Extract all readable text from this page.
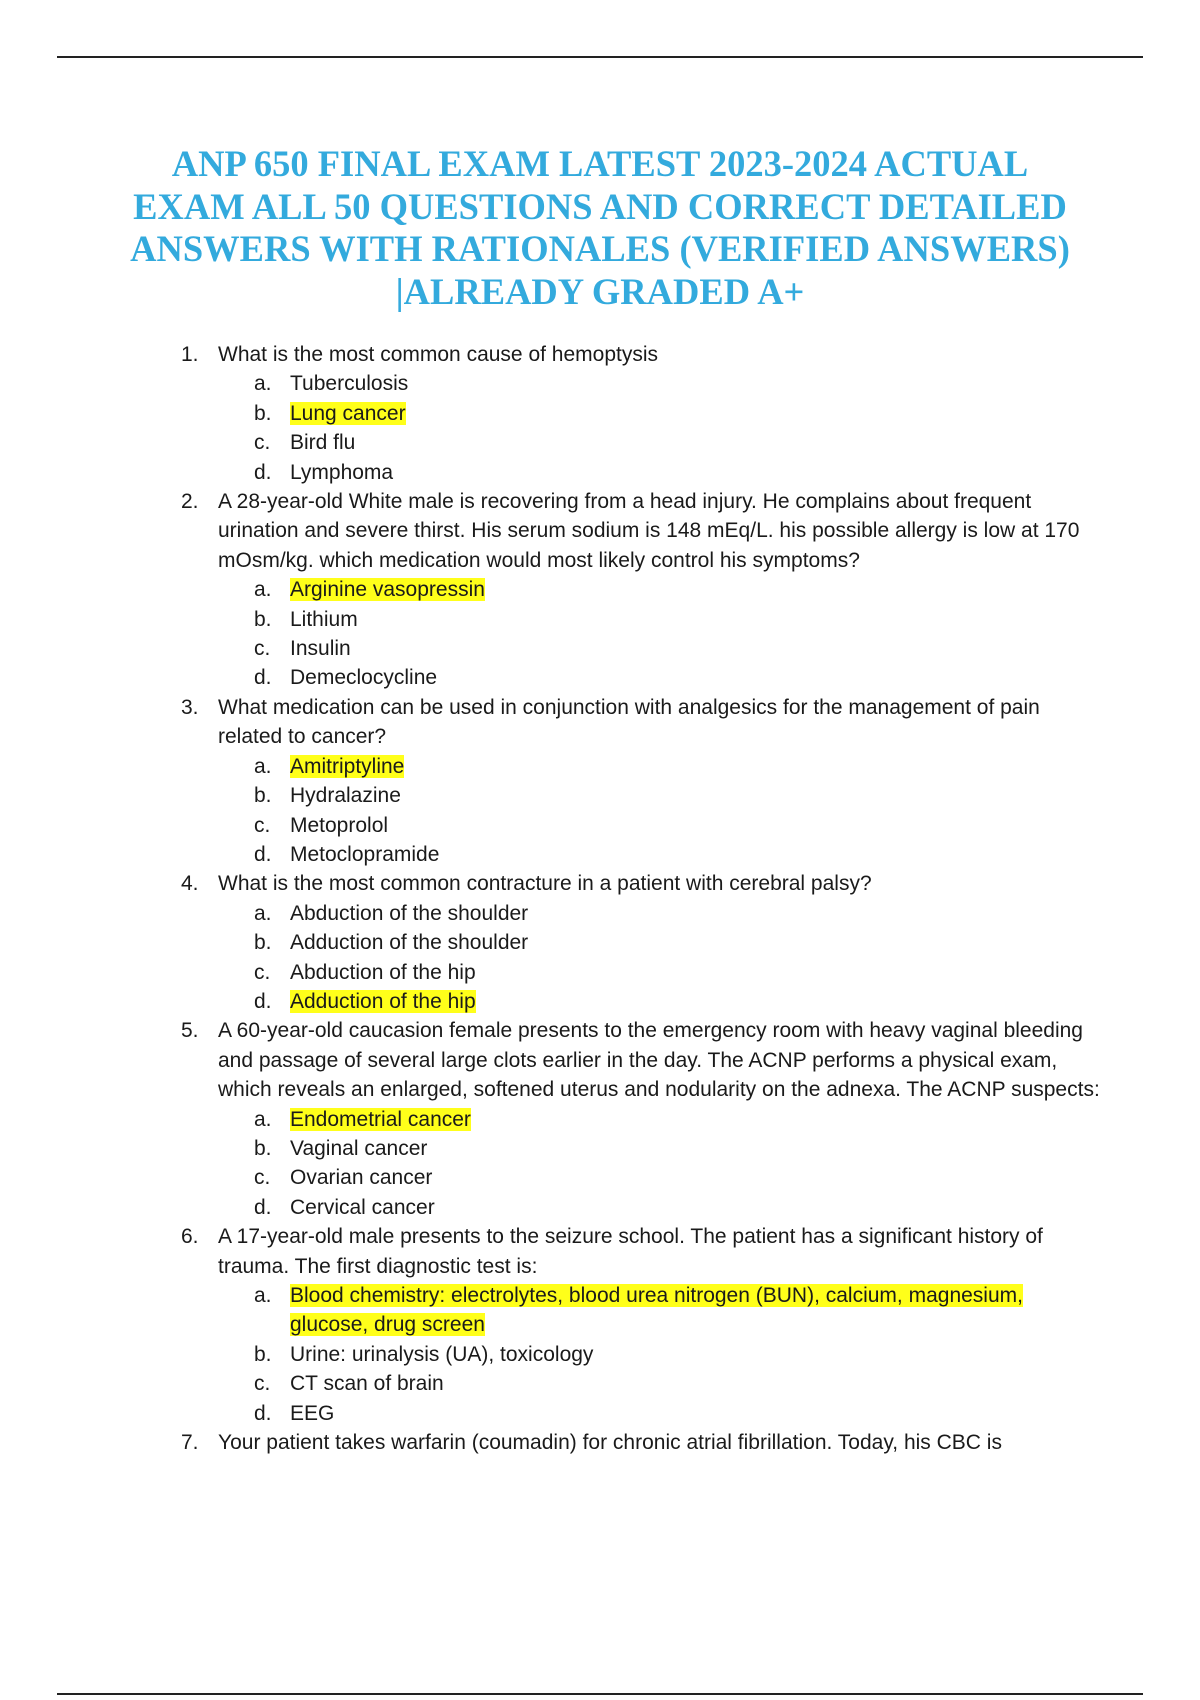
ANP 650 FINAL EXAM LATEST 2023-2024 ACTUAL
EXAM ALL 50 QUESTIONS AND CORRECT DETAILED
ANSWERS WITH RATIONALES (VERIFIED ANSWERS)
|ALREADY GRADED A+
1. What is the most common cause of hemoptysis
a. Tuberculosis
b. Lung cancer
c. Bird flu
d. Lymphoma
2. A 28-year-old White male is recovering from a head injury. He complains about frequent urination and severe thirst. His serum sodium is 148 mEq/L. his possible allergy is low at 170 mOsm/kg. which medication would most likely control his symptoms?
a. Arginine vasopressin
b. Lithium
c. Insulin
d. Demeclocycline
3. What medication can be used in conjunction with analgesics for the management of pain related to cancer?
a. Amitriptyline
b. Hydralazine
c. Metoprolol
d. Metoclopramide
4. What is the most common contracture in a patient with cerebral palsy?
a. Abduction of the shoulder
b. Adduction of the shoulder
c. Abduction of the hip
d. Adduction of the hip
5. A 60-year-old caucasion female presents to the emergency room with heavy vaginal bleeding and passage of several large clots earlier in the day. The ACNP performs a physical exam, which reveals an enlarged, softened uterus and nodularity on the adnexa. The ACNP suspects:
a. Endometrial cancer
b. Vaginal cancer
c. Ovarian cancer
d. Cervical cancer
6. A 17-year-old male presents to the seizure school. The patient has a significant history of trauma. The first diagnostic test is:
a. Blood chemistry: electrolytes, blood urea nitrogen (BUN), calcium, magnesium, glucose, drug screen
b. Urine: urinalysis (UA), toxicology
c. CT scan of brain
d. EEG
7. Your patient takes warfarin (coumadin) for chronic atrial fibrillation. Today, his CBC is
